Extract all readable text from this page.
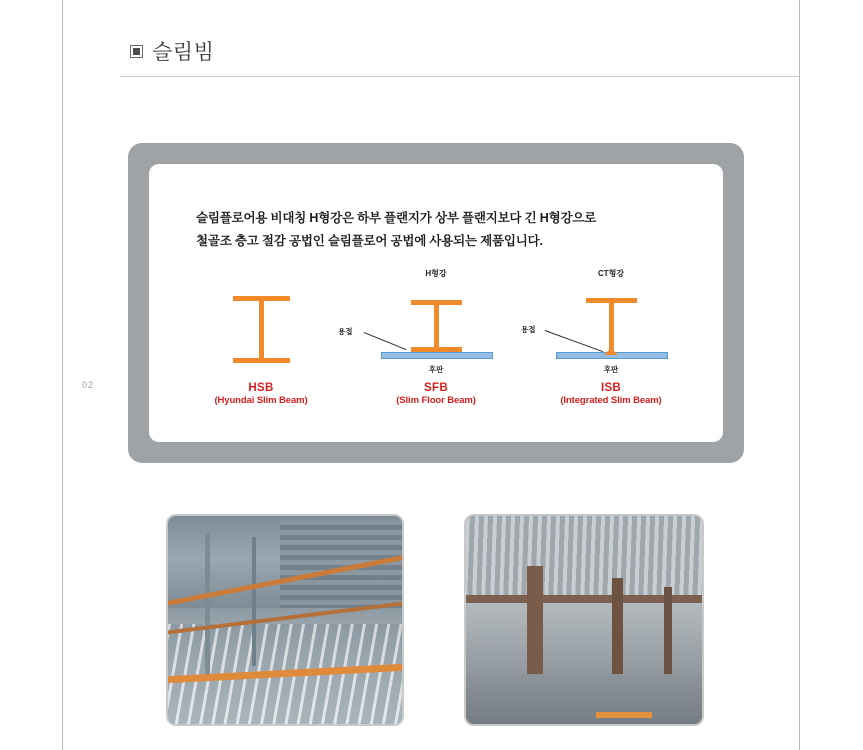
02
슬림빔
슬림플로어용 비대칭 H형강은 하부 플랜지가 상부 플랜지보다 긴 H형강으로
철골조 층고 절감 공법인 슬림플로어 공법에 사용되는 제품입니다.
HSB
(Hyundai Slim Beam)
H형강
용접
후판
SFB
(Slim Floor Beam)
CT형강
용접
후판
ISB
(Integrated Slim Beam)
